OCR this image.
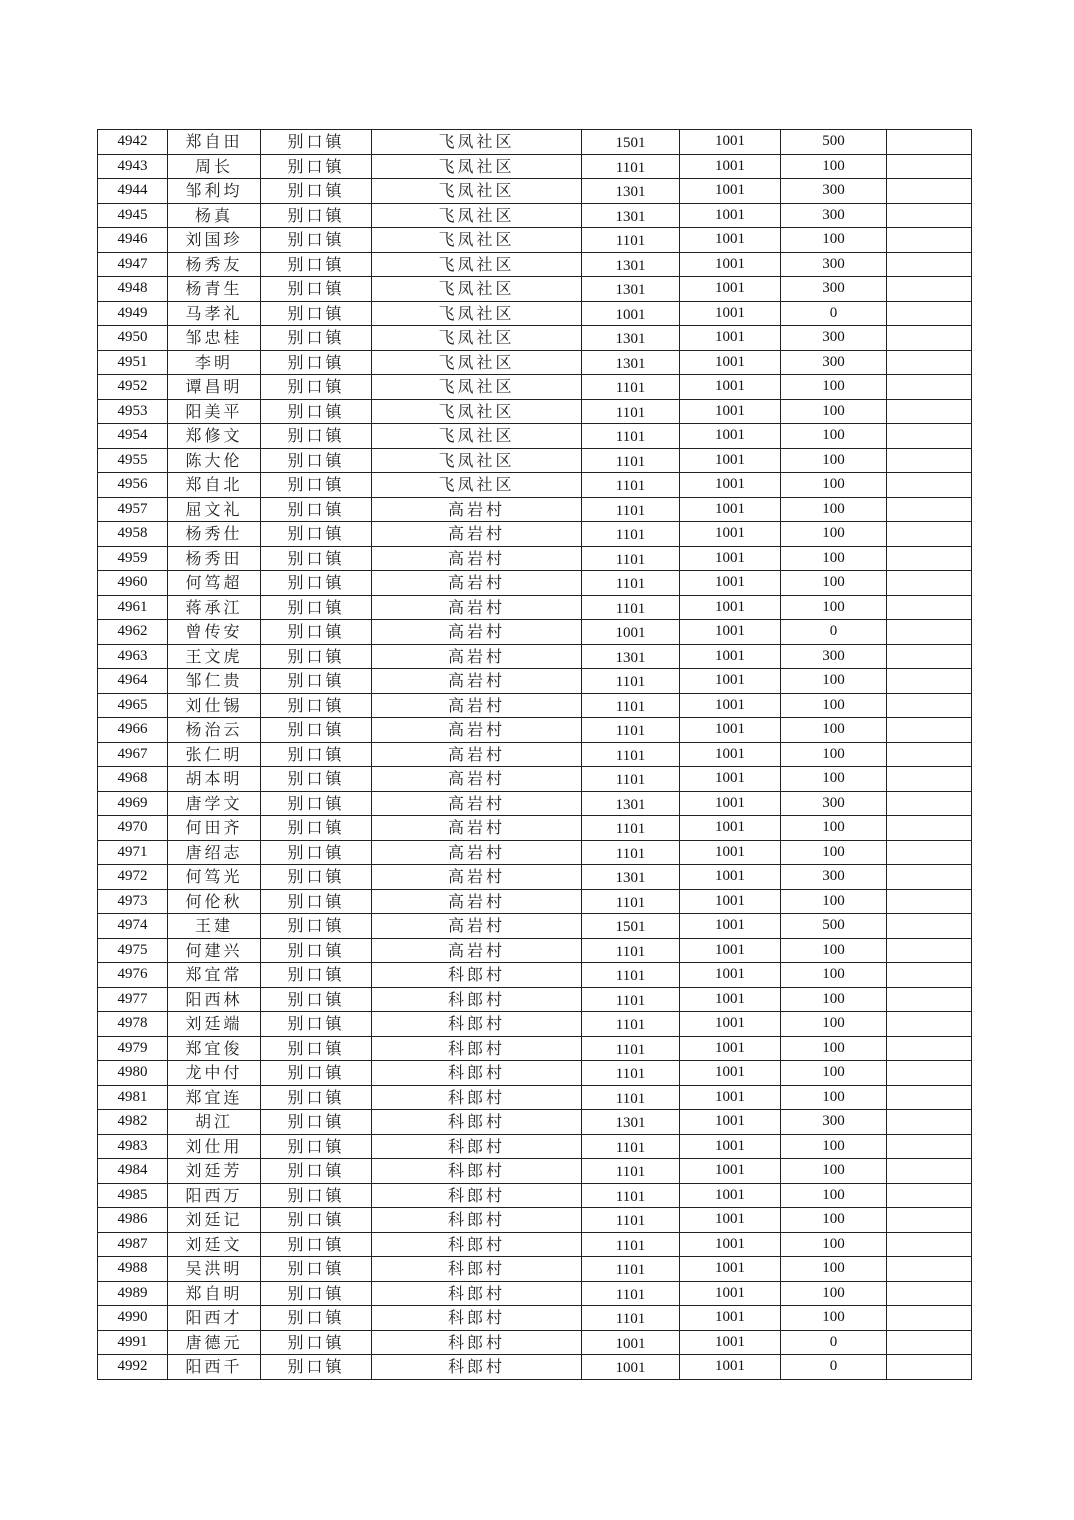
4942	郑自田	别口镇	飞凤社区	1501	1001	500	
4943	周长	别口镇	飞凤社区	1101	1001	100	
4944	邹利均	别口镇	飞凤社区	1301	1001	300	
4945	杨真	别口镇	飞凤社区	1301	1001	300	
4946	刘国珍	别口镇	飞凤社区	1101	1001	100	
4947	杨秀友	别口镇	飞凤社区	1301	1001	300	
4948	杨青生	别口镇	飞凤社区	1301	1001	300	
4949	马孝礼	别口镇	飞凤社区	1001	1001	0	
4950	邹忠桂	别口镇	飞凤社区	1301	1001	300	
4951	李明	别口镇	飞凤社区	1301	1001	300	
4952	谭昌明	别口镇	飞凤社区	1101	1001	100	
4953	阳美平	别口镇	飞凤社区	1101	1001	100	
4954	郑修文	别口镇	飞凤社区	1101	1001	100	
4955	陈大伦	别口镇	飞凤社区	1101	1001	100	
4956	郑自北	别口镇	飞凤社区	1101	1001	100	
4957	屈文礼	别口镇	高岩村	1101	1001	100	
4958	杨秀仕	别口镇	高岩村	1101	1001	100	
4959	杨秀田	别口镇	高岩村	1101	1001	100	
4960	何笃超	别口镇	高岩村	1101	1001	100	
4961	蒋承江	别口镇	高岩村	1101	1001	100	
4962	曾传安	别口镇	高岩村	1001	1001	0	
4963	王文虎	别口镇	高岩村	1301	1001	300	
4964	邹仁贵	别口镇	高岩村	1101	1001	100	
4965	刘仕锡	别口镇	高岩村	1101	1001	100	
4966	杨治云	别口镇	高岩村	1101	1001	100	
4967	张仁明	别口镇	高岩村	1101	1001	100	
4968	胡本明	别口镇	高岩村	1101	1001	100	
4969	唐学文	别口镇	高岩村	1301	1001	300	
4970	何田齐	别口镇	高岩村	1101	1001	100	
4971	唐绍志	别口镇	高岩村	1101	1001	100	
4972	何笃光	别口镇	高岩村	1301	1001	300	
4973	何伦秋	别口镇	高岩村	1101	1001	100	
4974	王建	别口镇	高岩村	1501	1001	500	
4975	何建兴	别口镇	高岩村	1101	1001	100	
4976	郑宜常	别口镇	科郎村	1101	1001	100	
4977	阳西林	别口镇	科郎村	1101	1001	100	
4978	刘廷端	别口镇	科郎村	1101	1001	100	
4979	郑宜俊	别口镇	科郎村	1101	1001	100	
4980	龙中付	别口镇	科郎村	1101	1001	100	
4981	郑宜连	别口镇	科郎村	1101	1001	100	
4982	胡江	别口镇	科郎村	1301	1001	300	
4983	刘仕用	别口镇	科郎村	1101	1001	100	
4984	刘廷芳	别口镇	科郎村	1101	1001	100	
4985	阳西万	别口镇	科郎村	1101	1001	100	
4986	刘廷记	别口镇	科郎村	1101	1001	100	
4987	刘廷文	别口镇	科郎村	1101	1001	100	
4988	吴洪明	别口镇	科郎村	1101	1001	100	
4989	郑自明	别口镇	科郎村	1101	1001	100	
4990	阳西才	别口镇	科郎村	1101	1001	100	
4991	唐德元	别口镇	科郎村	1001	1001	0	
4992	阳西千	别口镇	科郎村	1001	1001	0	
